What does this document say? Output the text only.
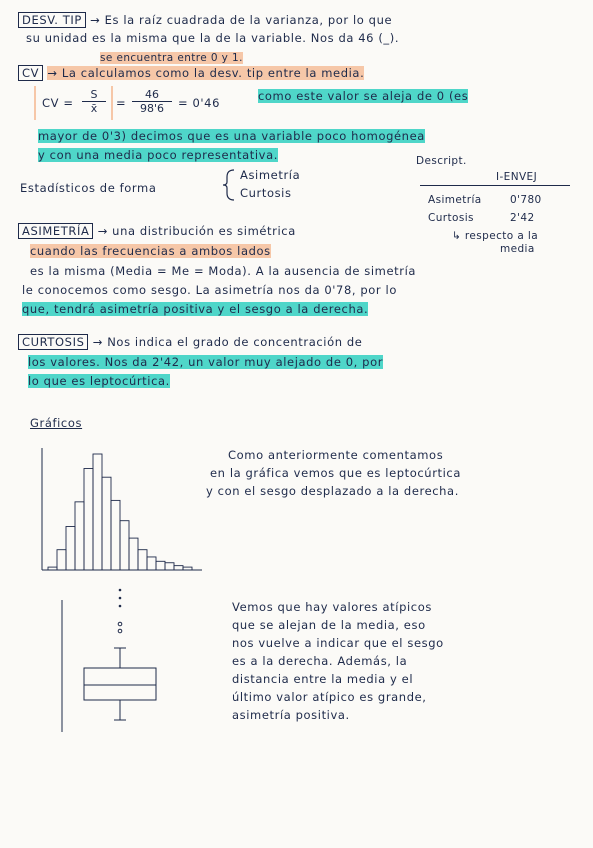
DESV. TIP → Es la raíz cuadrada de la varianza, por lo que
su unidad es la misma que la de la variable. Nos da 46 (_).
se encuentra entre 0 y 1.
CV → La calculamos como la desv. tip entre la media.
CV = $\frac{S}{x̄} = \frac{46}{98'6} = 0'46$	como este valor se aleja de 0 (es
mayor de 0'3) decimos que es una variable poco homogénea
y con una media poco representativa.
Estadísticos de forma
Asimetría
Curtosis
Descript.
I-ENVEJ
Asimetría	0'780
Curtosis	2'42
ASIMETRÍA → una distribución es simétrica	↳ respecto a la
media
cuando las frecuencias a ambos lados
es la misma (Media = Me = Moda). A la ausencia de simetría
le conocemos como sesgo. La asimetría nos da 0'78, por lo
que, tendrá asimetría positiva y el sesgo a la derecha.
CURTOSIS → Nos indica el grado de concentración de
los valores. Nos da 2'42, un valor muy alejado de 0, por
lo que es leptocúrtica.
Gráficos
Como anteriormente comentamos
en la gráfica vemos que es leptocúrtica
y con el sesgo desplazado a la derecha.
Vemos que hay valores atípicos
que se alejan de la media, eso
nos vuelve a indicar que el sesgo
es a la derecha. Además, la
distancia entre la media y el
último valor atípico es grande,
asimetría positiva.
